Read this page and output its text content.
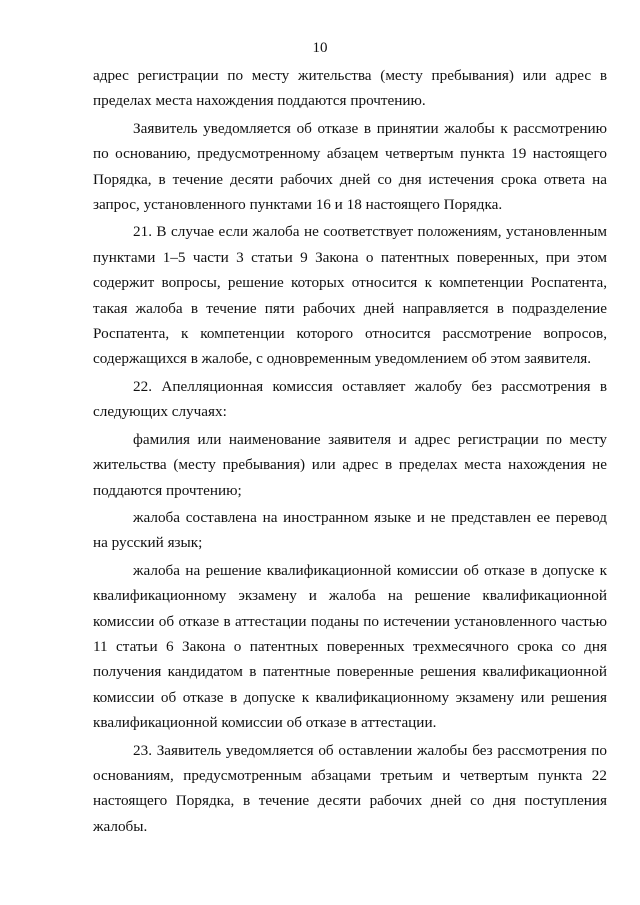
10

адрес регистрации по месту жительства (месту пребывания) или адрес в пределах места нахождения поддаются прочтению.

Заявитель уведомляется об отказе в принятии жалобы к рассмотрению по основанию, предусмотренному абзацем четвертым пункта 19 настоящего Порядка, в течение десяти рабочих дней со дня истечения срока ответа на запрос, установленного пунктами 16 и 18 настоящего Порядка.

21. В случае если жалоба не соответствует положениям, установленным пунктами 1–5 части 3 статьи 9 Закона о патентных поверенных, при этом содержит вопросы, решение которых относится к компетенции Роспатента, такая жалоба в течение пяти рабочих дней направляется в подразделение Роспатента, к компетенции которого относится рассмотрение вопросов, содержащихся в жалобе, с одновременным уведомлением об этом заявителя.

22. Апелляционная комиссия оставляет жалобу без рассмотрения в следующих случаях:

фамилия или наименование заявителя и адрес регистрации по месту жительства (месту пребывания) или адрес в пределах места нахождения не поддаются прочтению;

жалоба составлена на иностранном языке и не представлен ее перевод на русский язык;

жалоба на решение квалификационной комиссии об отказе в допуске к квалификационному экзамену и жалоба на решение квалификационной комиссии об отказе в аттестации поданы по истечении установленного частью 11 статьи 6 Закона о патентных поверенных трехмесячного срока со дня получения кандидатом в патентные поверенные решения квалификационной комиссии об отказе в допуске к квалификационному экзамену или решения квалификационной комиссии об отказе в аттестации.

23. Заявитель уведомляется об оставлении жалобы без рассмотрения по основаниям, предусмотренным абзацами третьим и четвертым пункта 22 настоящего Порядка, в течение десяти рабочих дней со дня поступления жалобы.
